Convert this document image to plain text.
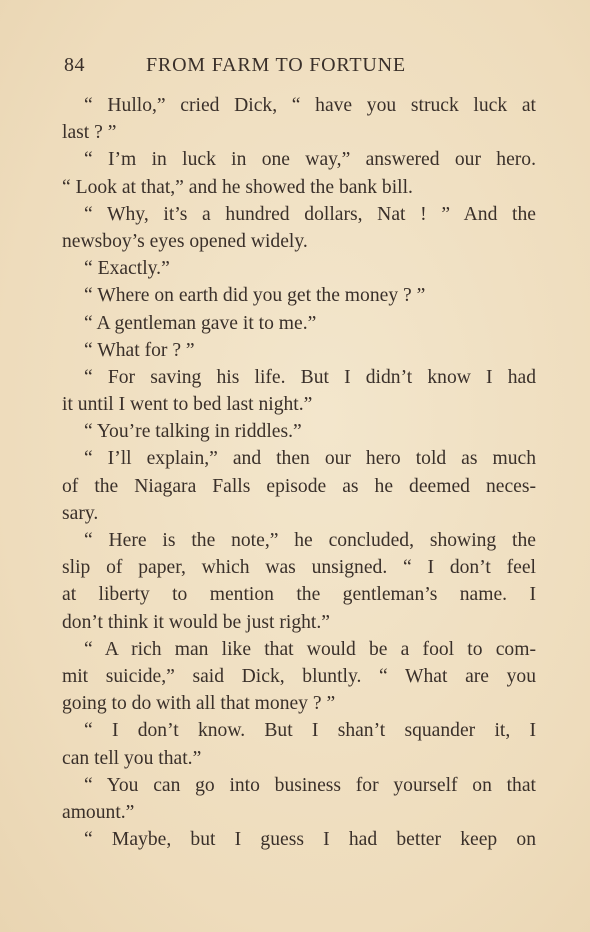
84	FROM FARM TO FORTUNE
“ Hullo,” cried Dick, “ have you struck luck at
last ? ”
“ I’m in luck in one way,” answered our hero.
“ Look at that,” and he showed the bank bill.
“ Why, it’s a hundred dollars, Nat ! ” And the
newsboy’s eyes opened widely.
“ Exactly.”
“ Where on earth did you get the money ? ”
“ A gentleman gave it to me.”
“ What for ? ”
“ For saving his life. But I didn’t know I had
it until I went to bed last night.”
“ You’re talking in riddles.”
“ I’ll explain,” and then our hero told as much
of the Niagara Falls episode as he deemed neces-
sary.
“ Here is the note,” he concluded, showing the
slip of paper, which was unsigned. “ I don’t feel
at liberty to mention the gentleman’s name. I
don’t think it would be just right.”
“ A rich man like that would be a fool to com-
mit suicide,” said Dick, bluntly. “ What are you
going to do with all that money ? ”
“ I don’t know. But I shan’t squander it, I
can tell you that.”
“ You can go into business for yourself on that
amount.”
“ Maybe, but I guess I had better keep on
